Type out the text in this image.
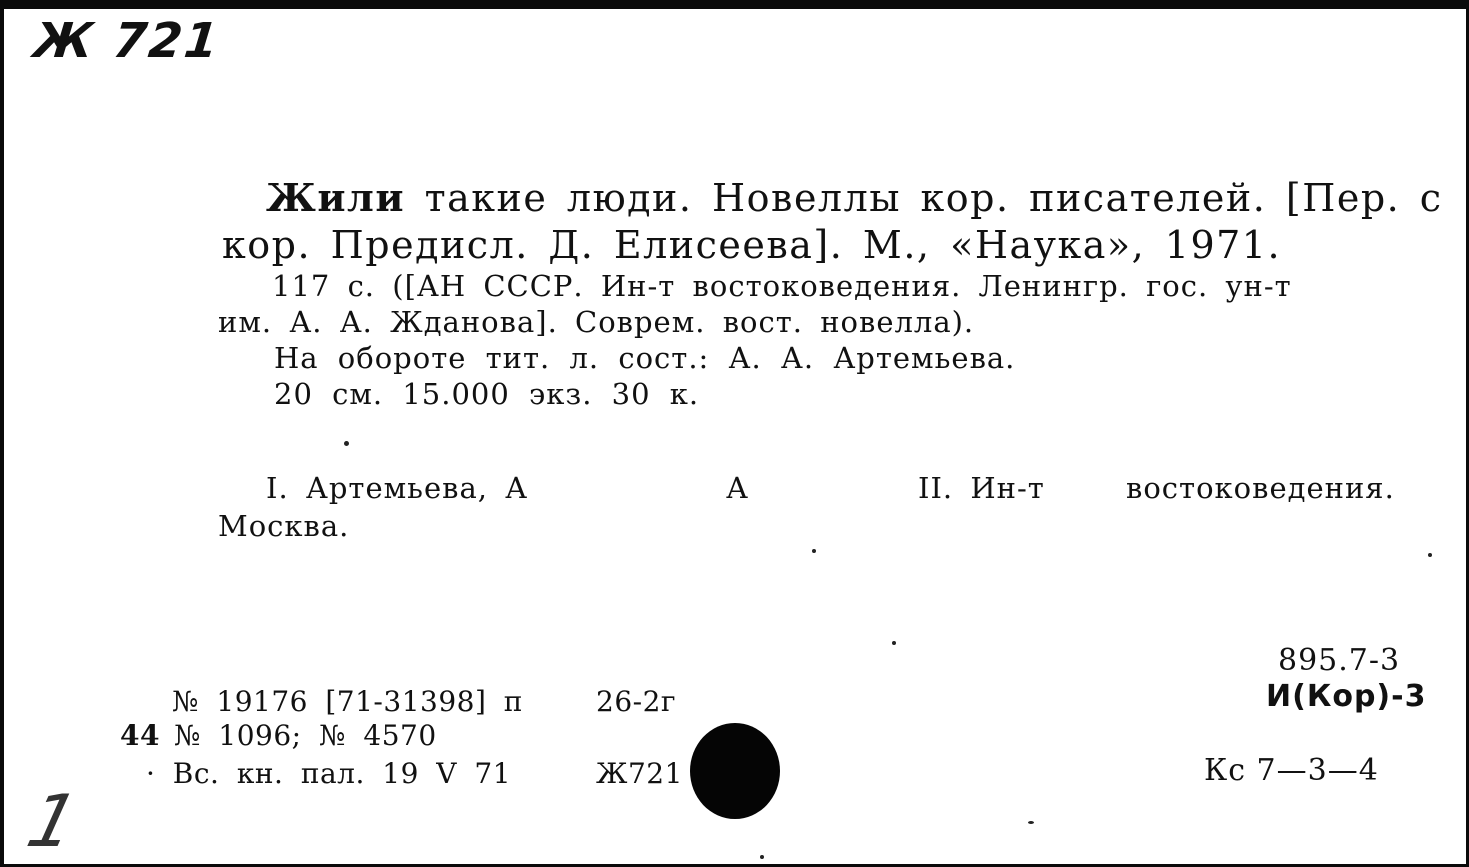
Ж 721
Жили такие люди. Новеллы кор. писателей. [Пер. с
кор. Предисл. Д. Елисеева]. М., «Наука», 1971.
117 с. ([АН СССР. Ин-т востоковедения. Ленингр. гос. ун-т
им. А. А. Жданова]. Соврем. вост. новелла).
На обороте тит. л. сост.: А. А. Артемьева.
20 см. 15.000 экз. 30 к.
I. Артемьева, А	А	II. Ин-т	востоковедения.
Москва.
№ 19176 [71-31398] п	26-2г
44 № 1096; № 4570
· Вс. кн. пал. 19 V 71	Ж721
895.7-3
И(Кор)-3
Кс 7—3—4
1
